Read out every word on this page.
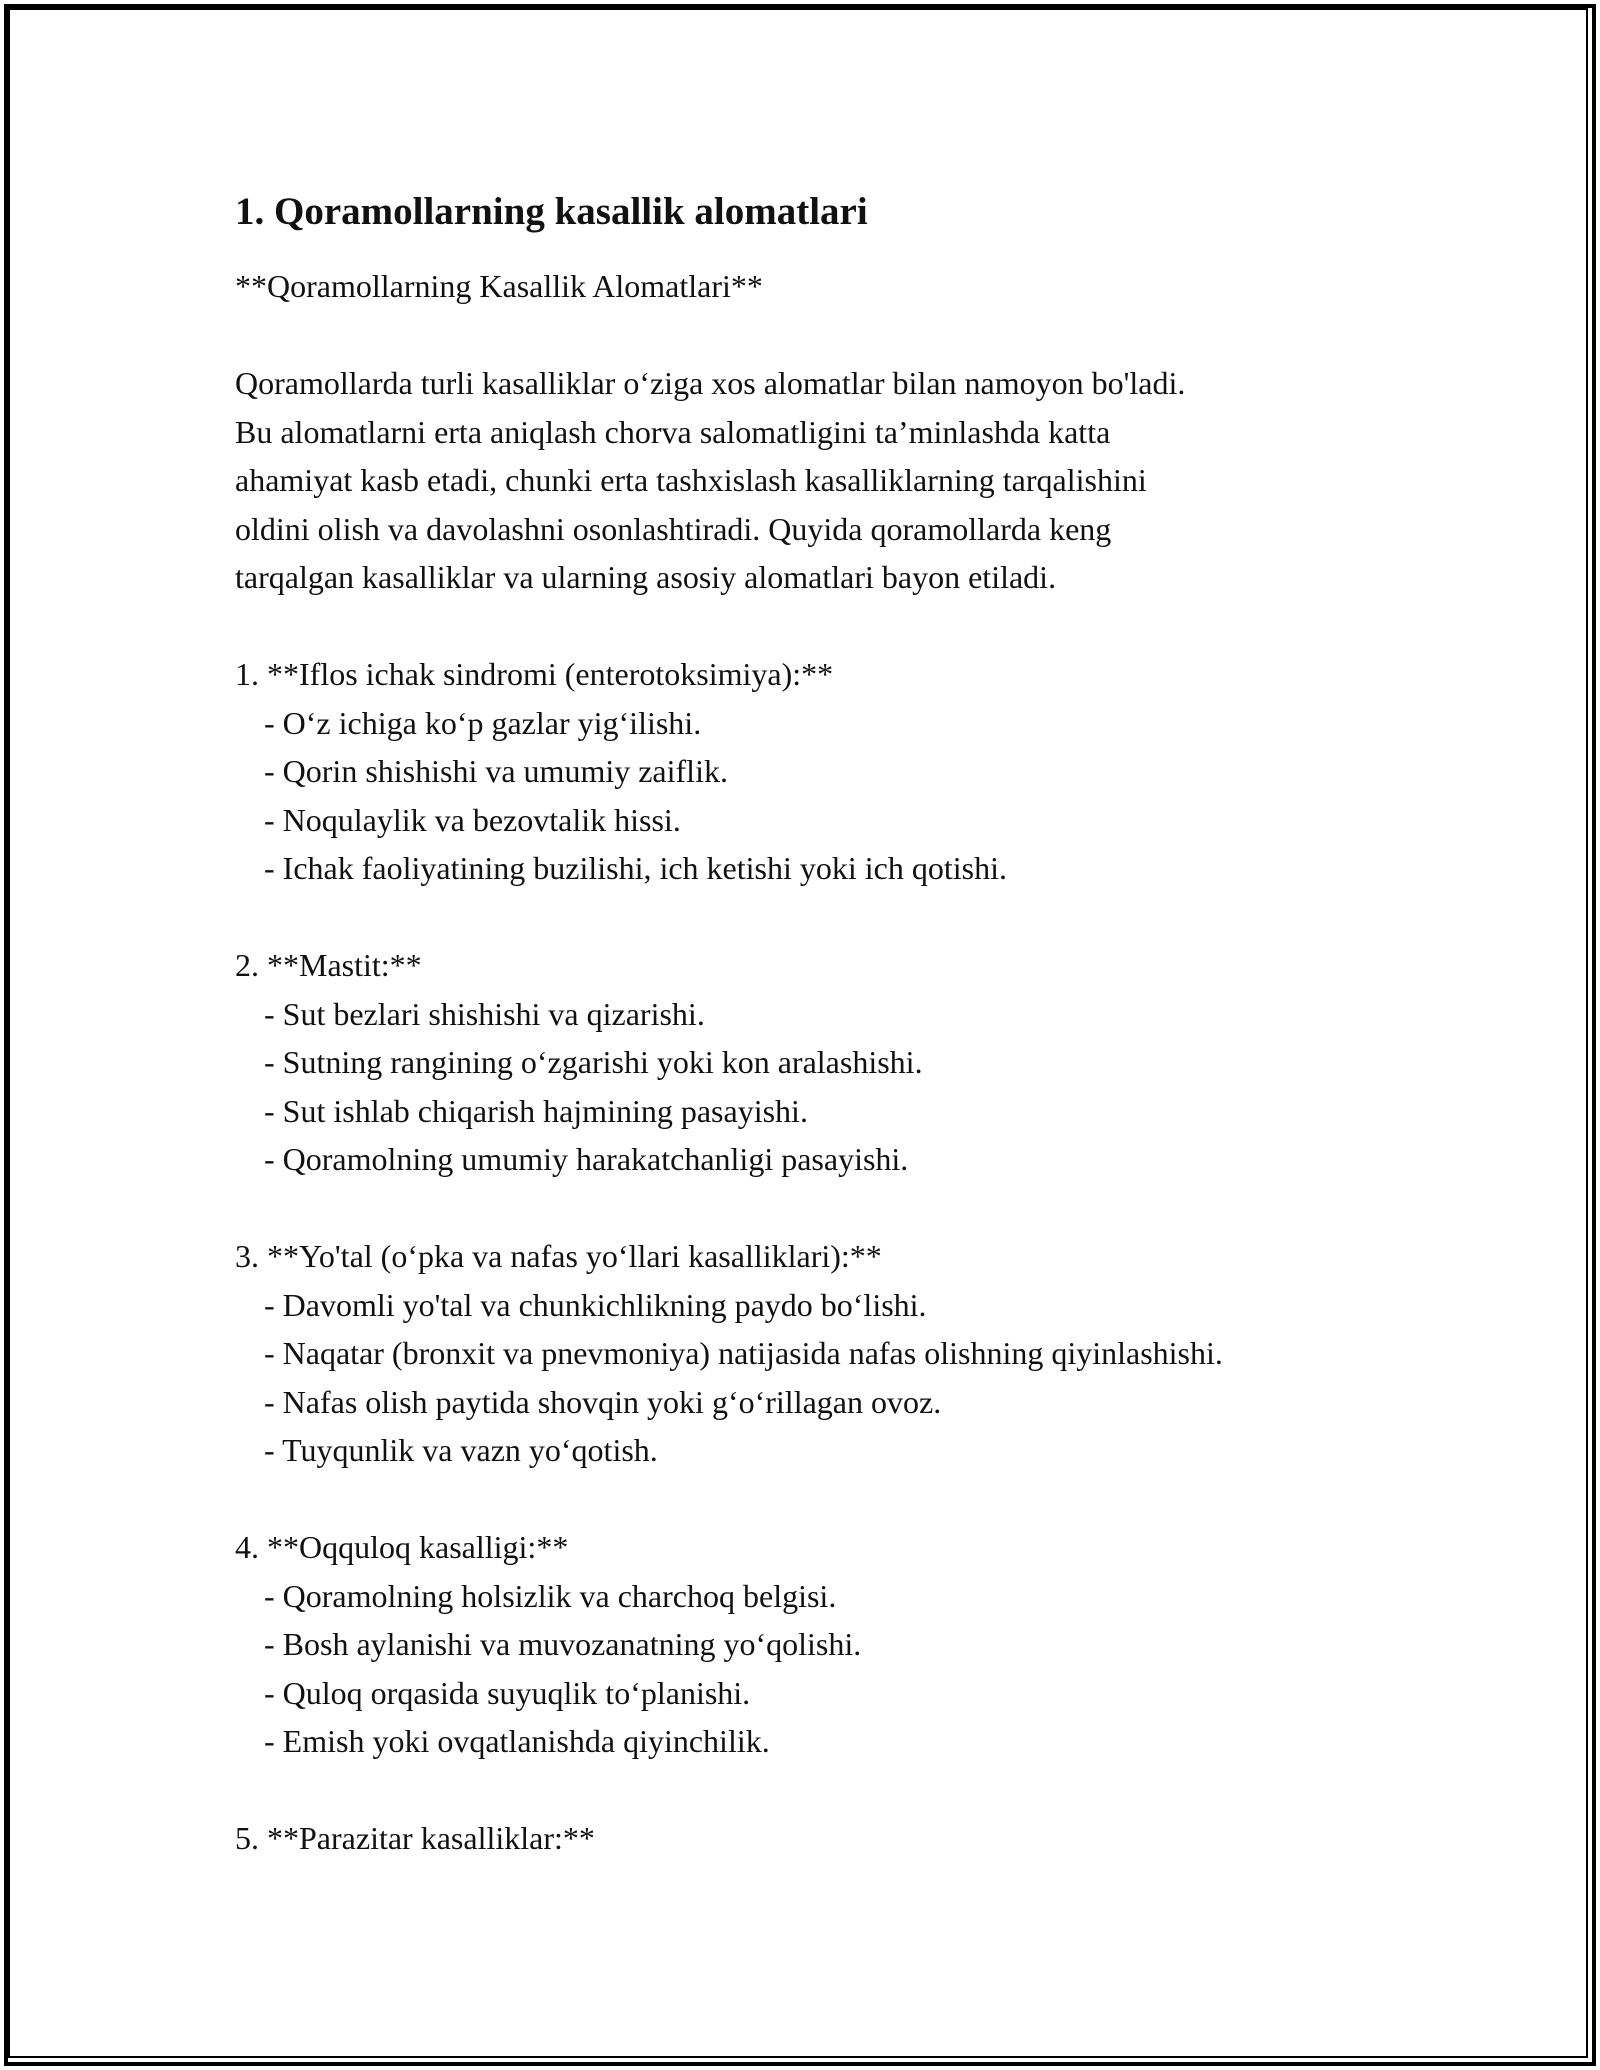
1. Qoramollarning kasallik alomatlari

**Qoramollarning Kasallik Alomatlari**

Qoramollarda turli kasalliklar o‘ziga xos alomatlar bilan namoyon bo'ladi.

Bu alomatlarni erta aniqlash chorva salomatligini ta’minlashda katta

ahamiyat kasb etadi, chunki erta tashxislash kasalliklarning tarqalishini

oldini olish va davolashni osonlashtiradi. Quyida qoramollarda keng

tarqalgan kasalliklar va ularning asosiy alomatlari bayon etiladi.

1. **Iflos ichak sindromi (enterotoksimiya):**

- O‘z ichiga ko‘p gazlar yig‘ilishi.

- Qorin shishishi va umumiy zaiflik.

- Noqulaylik va bezovtalik hissi.

- Ichak faoliyatining buzilishi, ich ketishi yoki ich qotishi.

2. **Mastit:**

- Sut bezlari shishishi va qizarishi.

- Sutning rangining o‘zgarishi yoki kon aralashishi.

- Sut ishlab chiqarish hajmining pasayishi.

- Qoramolning umumiy harakatchanligi pasayishi.

3. **Yo'tal (o‘pka va nafas yo‘llari kasalliklari):**

- Davomli yo'tal va chunkichlikning paydo bo‘lishi.

- Naqatar (bronxit va pnevmoniya) natijasida nafas olishning qiyinlashishi.

- Nafas olish paytida shovqin yoki g‘o‘rillagan ovoz.

- Tuyqunlik va vazn yo‘qotish.

4. **Oqquloq kasalligi:**

- Qoramolning holsizlik va charchoq belgisi.

- Bosh aylanishi va muvozanatning yo‘qolishi.

- Quloq orqasida suyuqlik to‘planishi.

- Emish yoki ovqatlanishda qiyinchilik.

5. **Parazitar kasalliklar:**
